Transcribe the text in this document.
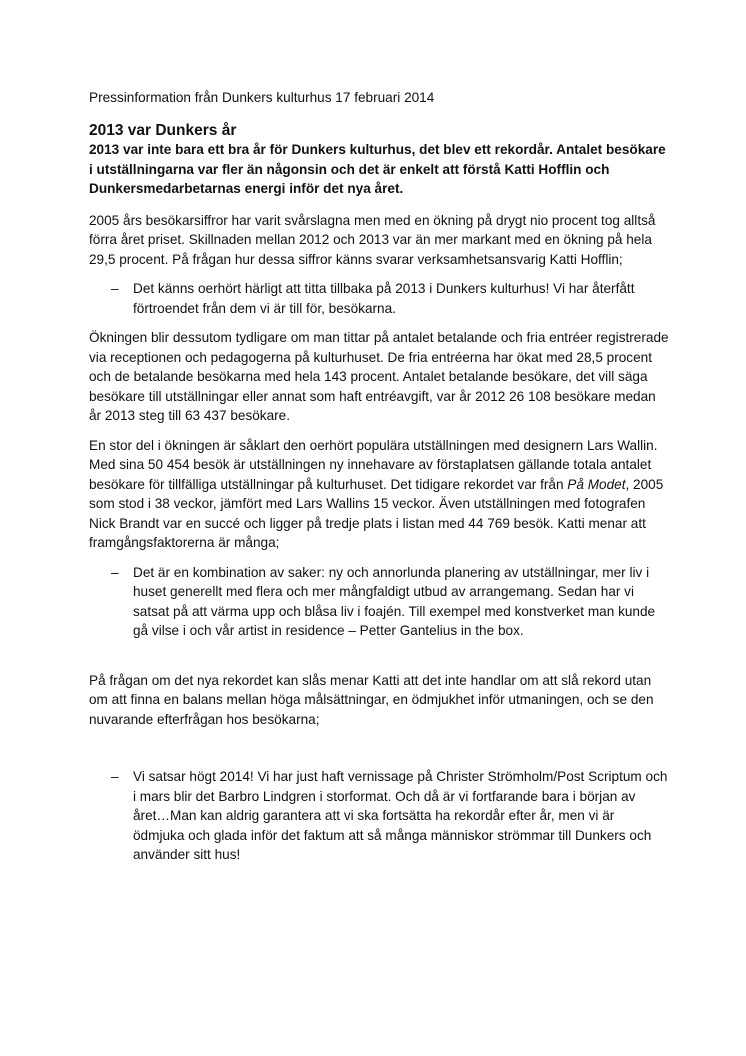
Pressinformation från Dunkers kulturhus 17 februari 2014
2013 var Dunkers år
2013 var inte bara ett bra år för Dunkers kulturhus, det blev ett rekordår. Antalet besökare i utställningarna var fler än någonsin och det är enkelt att förstå Katti Hofflin och Dunkersmedarbetarnas energi inför det nya året.

2005 års besökarsiffror har varit svårslagna men med en ökning på drygt nio procent tog alltså förra året priset. Skillnaden mellan 2012 och 2013 var än mer markant med en ökning på hela 29,5 procent. På frågan hur dessa siffror känns svarar verksamhetsansvarig Katti Hofflin;

–	Det känns oerhört härligt att titta tillbaka på 2013 i Dunkers kulturhus! Vi har återfått förtroendet från dem vi är till för, besökarna.

Ökningen blir dessutom tydligare om man tittar på antalet betalande och fria entréer registrerade via receptionen och pedagogerna på kulturhuset. De fria entréerna har ökat med 28,5 procent och de betalande besökarna med hela 143 procent. Antalet betalande besökare, det vill säga besökare till utställningar eller annat som haft entréavgift, var år 2012 26 108 besökare medan år 2013 steg till 63 437 besökare.

En stor del i ökningen är såklart den oerhört populära utställningen med designern Lars Wallin. Med sina 50 454 besök är utställningen ny innehavare av förstaplatsen gällande totala antalet besökare för tillfälliga utställningar på kulturhuset. Det tidigare rekordet var från På Modet, 2005 som stod i 38 veckor, jämfört med Lars Wallins 15 veckor. Även utställningen med fotografen Nick Brandt var en succé och ligger på tredje plats i listan med 44 769 besök. Katti menar att framgångsfaktorerna är många;

–	Det är en kombination av saker: ny och annorlunda planering av utställningar, mer liv i huset generellt med flera och mer mångfaldigt utbud av arrangemang. Sedan har vi satsat på att värma upp och blåsa liv i foajén. Till exempel med konstverket man kunde gå vilse i och vår artist in residence – Petter Gantelius in the box.

På frågan om det nya rekordet kan slås menar Katti att det inte handlar om att slå rekord utan om att finna en balans mellan höga målsättningar, en ödmjukhet inför utmaningen, och se den nuvarande efterfrågan hos besökarna;

–	Vi satsar högt 2014! Vi har just haft vernissage på Christer Strömholm/Post Scriptum och i mars blir det Barbro Lindgren i storformat. Och då är vi fortfarande bara i början av året…Man kan aldrig garantera att vi ska fortsätta ha rekordår efter år, men vi är ödmjuka och glada inför det faktum att så många människor strömmar till Dunkers och använder sitt hus!
